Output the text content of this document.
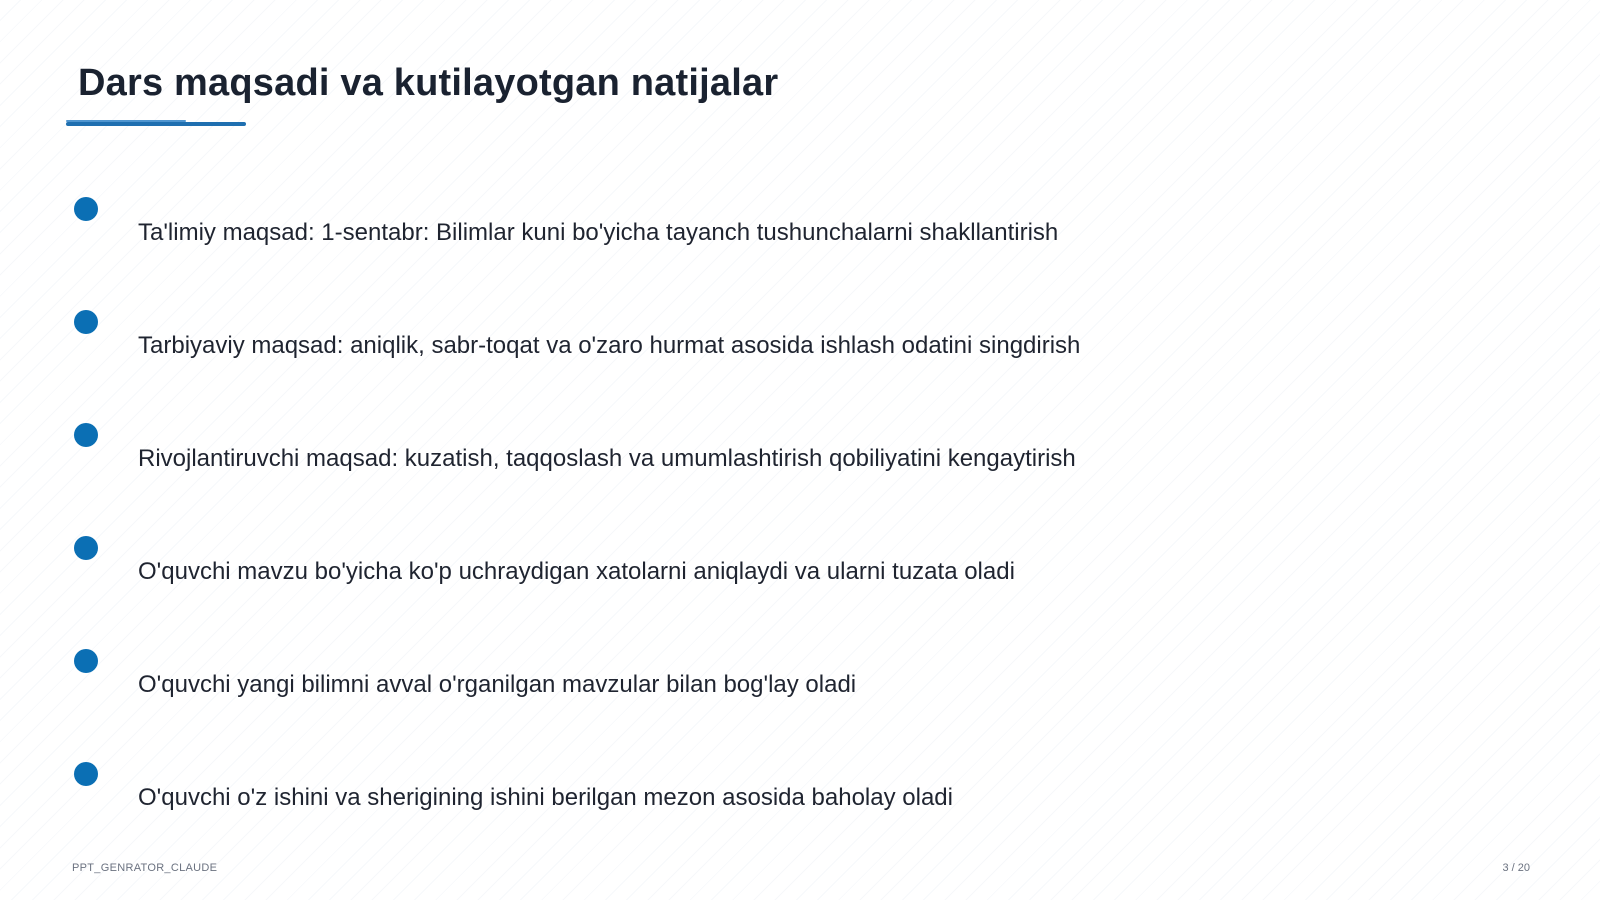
Dars maqsadi va kutilayotgan natijalar
Ta'limiy maqsad: 1-sentabr: Bilimlar kuni bo'yicha tayanch tushunchalarni shakllantirish
Tarbiyaviy maqsad: aniqlik, sabr-toqat va o'zaro hurmat asosida ishlash odatini singdirish
Rivojlantiruvchi maqsad: kuzatish, taqqoslash va umumlashtirish qobiliyatini kengaytirish
O'quvchi mavzu bo'yicha ko'p uchraydigan xatolarni aniqlaydi va ularni tuzata oladi
O'quvchi yangi bilimni avval o'rganilgan mavzular bilan bog'lay oladi
O'quvchi o'z ishini va sherigining ishini berilgan mezon asosida baholay oladi
PPT_GENRATOR_CLAUDE	3 / 20
